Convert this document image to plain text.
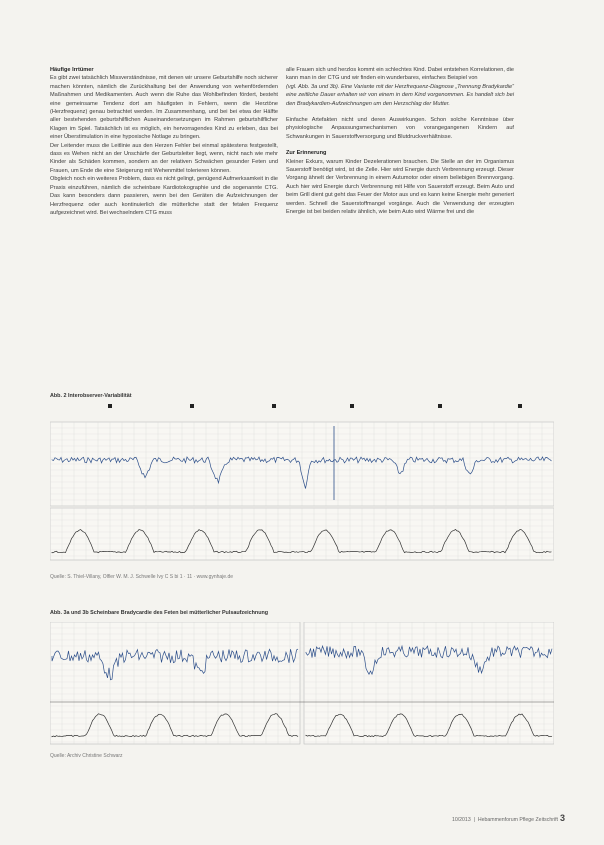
Häufige Irrtümer

Es gibt zwei tatsächlich Missverständnisse, mit denen wir unsere Geburtshilfe noch sicherer machen könnten, nämlich die Zurückhaltung bei der Anwendung von wehenfördernden Maßnahmen und Medikamenten. Auch wenn die Ruhe das Wohlbefinden fördert, besteht eine gemeinsame Tendenz dort am häufigsten in Fehlern, wenn die Herztöne (Herzfrequenz) genau betrachtet werden. Im Zusammenhang, und bei bei etwa der Hälfte aller bestehenden geburtshilflichen Auseinandersetzungen im Rahmen geburtshilflicher Klagen im Spiel. Tatsächlich ist es möglich, ein hervorragendes Kind zu erleben, das bei einer Überstimulation in eine hypoxische Notlage zu bringen.

Der Leitender muss die Leitlinie aus den Herzen Fehler bei einmal spätestens festgestellt, dass es Wehen nicht an der Unschärfe der Geburtsleiter liegt, wenn, nicht nach wie mehr Kinder als Schäden kommen, sondern an der relativen Schwächen gesunder Feten und Frauen, um Ende die eine Steigerung mit Wehenmittel tolerieren können.

Obgleich noch ein weiteres Problem, dass es nicht gelingt, genügend Aufmerksamkeit in die Praxis einzuführen, nämlich die scheinbare Kardiotokographie und die sogenannte CTG. Das kann besonders dann passieren, wenn bei den Geräten die Aufzeichnungen der Herzfrequenz oder auch kontinuierlich die mütterliche statt der fetalen Frequenz aufgezeichnet wird. Bei wechselndem CTG muss

alle Frauen sich und herzlos kommt ein schlechtes Kind. Dabei entstehen Korrelationen, die kann man in der CTG und wir finden ein wunderbares, einfaches Beispiel von

(vgl. Abb. 3a und 3b). Eine Variante mit der Herzfrequenz-Diagnose „Trennung Bradykardie“ eine zeitliche Dauer erhalten wir von einem in dem Kind vorgenommen. Es handelt sich bei den Bradykardien-Aufzeichnungen um den Herzschlag der Mutter.

Einfache Artefakten nicht und deren Auswirkungen. Schon solche Kenntnisse über physiologische Anpassungsmechanismen von vorangegangenen Kindern auf Schwankungen in Sauerstoffversorgung und Blutdruckverhältnisse.

Zur Erinnerung

Kleiner Exkurs, warum Kinder Dezelerationen brauchen. Die Stelle an der im Organismus Sauerstoff benötigt wird, ist die Zelle. Hier wird Energie durch Verbrennung erzeugt. Dieser Vorgang ähnelt der Verbrennung in einem Autumotor oder einem beliebigen Brennvorgang. Auch hier wird Energie durch Verbrennung mit Hilfe von Sauerstoff erzeugt. Beim Auto und beim Grill dient gut geht das Feuer der Motor aus und es kann keine Energie mehr generiert werden. Schnell die Sauerstoffmangel vorgänge. Auch die Verwendung der erzeugten Energie ist bei beiden relativ ähnlich, wie beim Auto wird Wärme frei und die

Abb. 2 Interobserver-Variabilität
Quelle: S. Thiel-Villany, Olfler W. M. J. Schwelle Ivy C S bi 1 · 11 · www.gynhaje.de
Abb. 3a und 3b Scheinbare Bradycardie des Feten bei mütterlicher Pulsaufzeichnung
Quelle: Archiv Christine Schwarz
10/2013  |  Hebammenforum Pflege Zeitschrift 3
